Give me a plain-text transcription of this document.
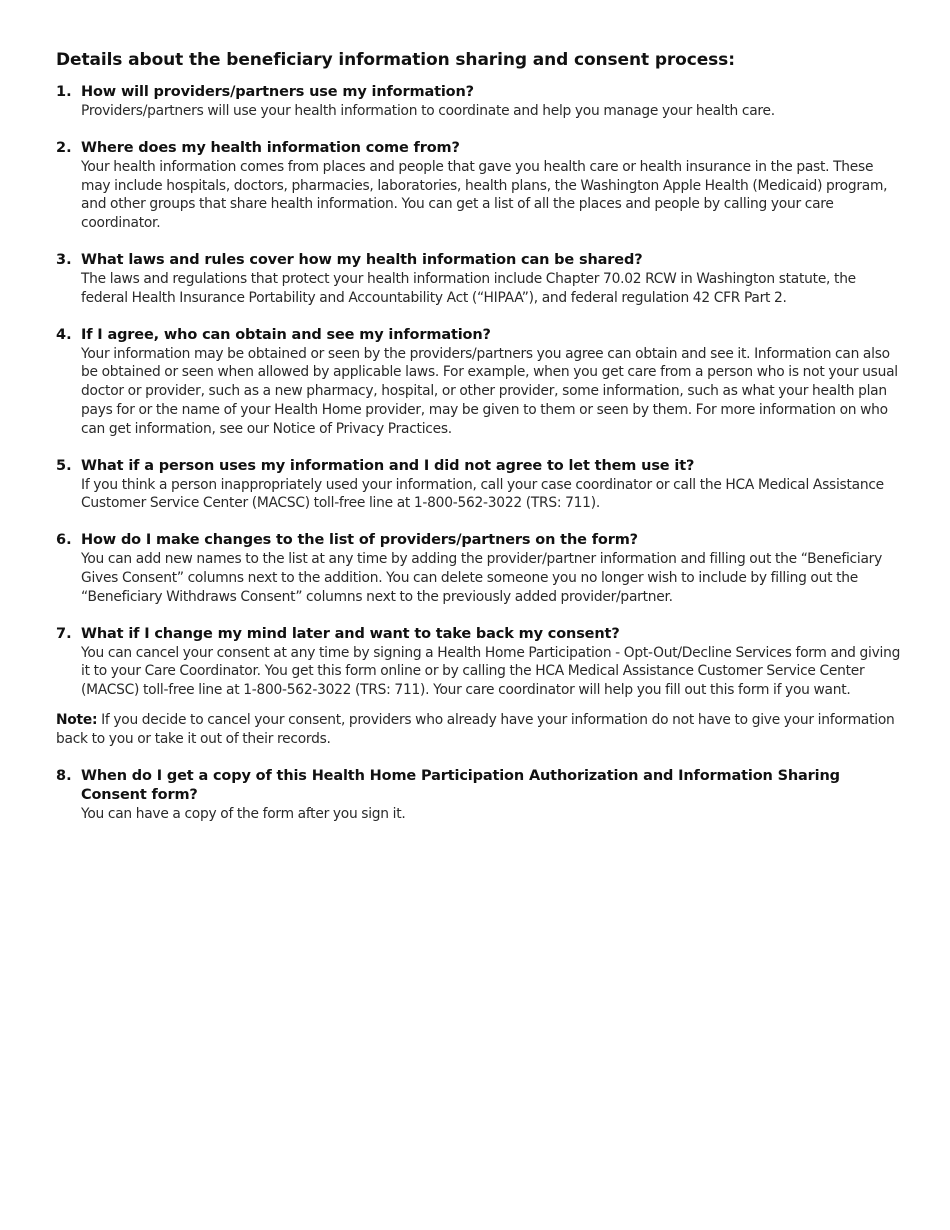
Details about the beneficiary information sharing and consent process:
1. How will providers/partners use my information?
Providers/partners will use your health information to coordinate and help you manage your health care.
2. Where does my health information come from?
Your health information comes from places and people that gave you health care or health insurance in the past. These may include hospitals, doctors, pharmacies, laboratories, health plans, the Washington Apple Health (Medicaid) program, and other groups that share health information. You can get a list of all the places and people by calling your care coordinator.
3. What laws and rules cover how my health information can be shared?
The laws and regulations that protect your health information include Chapter 70.02 RCW in Washington statute, the federal Health Insurance Portability and Accountability Act (“HIPAA”), and federal regulation 42 CFR Part 2.
4. If I agree, who can obtain and see my information?
Your information may be obtained or seen by the providers/partners you agree can obtain and see it. Information can also be obtained or seen when allowed by applicable laws. For example, when you get care from a person who is not your usual doctor or provider, such as a new pharmacy, hospital, or other provider, some information, such as what your health plan pays for or the name of your Health Home provider, may be given to them or seen by them. For more information on who can get information, see our Notice of Privacy Practices.
5. What if a person uses my information and I did not agree to let them use it?
If you think a person inappropriately used your information, call your case coordinator or call the HCA Medical Assistance Customer Service Center (MACSC) toll-free line at 1-800-562-3022 (TRS: 711).
6. How do I make changes to the list of providers/partners on the form?
You can add new names to the list at any time by adding the provider/partner information and filling out the “Beneficiary Gives Consent” columns next to the addition. You can delete someone you no longer wish to include by filling out the “Beneficiary Withdraws Consent” columns next to the previously added provider/partner.
7. What if I change my mind later and want to take back my consent?
You can cancel your consent at any time by signing a Health Home Participation - Opt-Out/Decline Services form and giving it to your Care Coordinator. You get this form online or by calling the HCA Medical Assistance Customer Service Center (MACSC) toll-free line at 1-800-562-3022 (TRS: 711). Your care coordinator will help you fill out this form if you want.
Note: If you decide to cancel your consent, providers who already have your information do not have to give your information back to you or take it out of their records.
8. When do I get a copy of this Health Home Participation Authorization and Information Sharing Consent form?
You can have a copy of the form after you sign it.
